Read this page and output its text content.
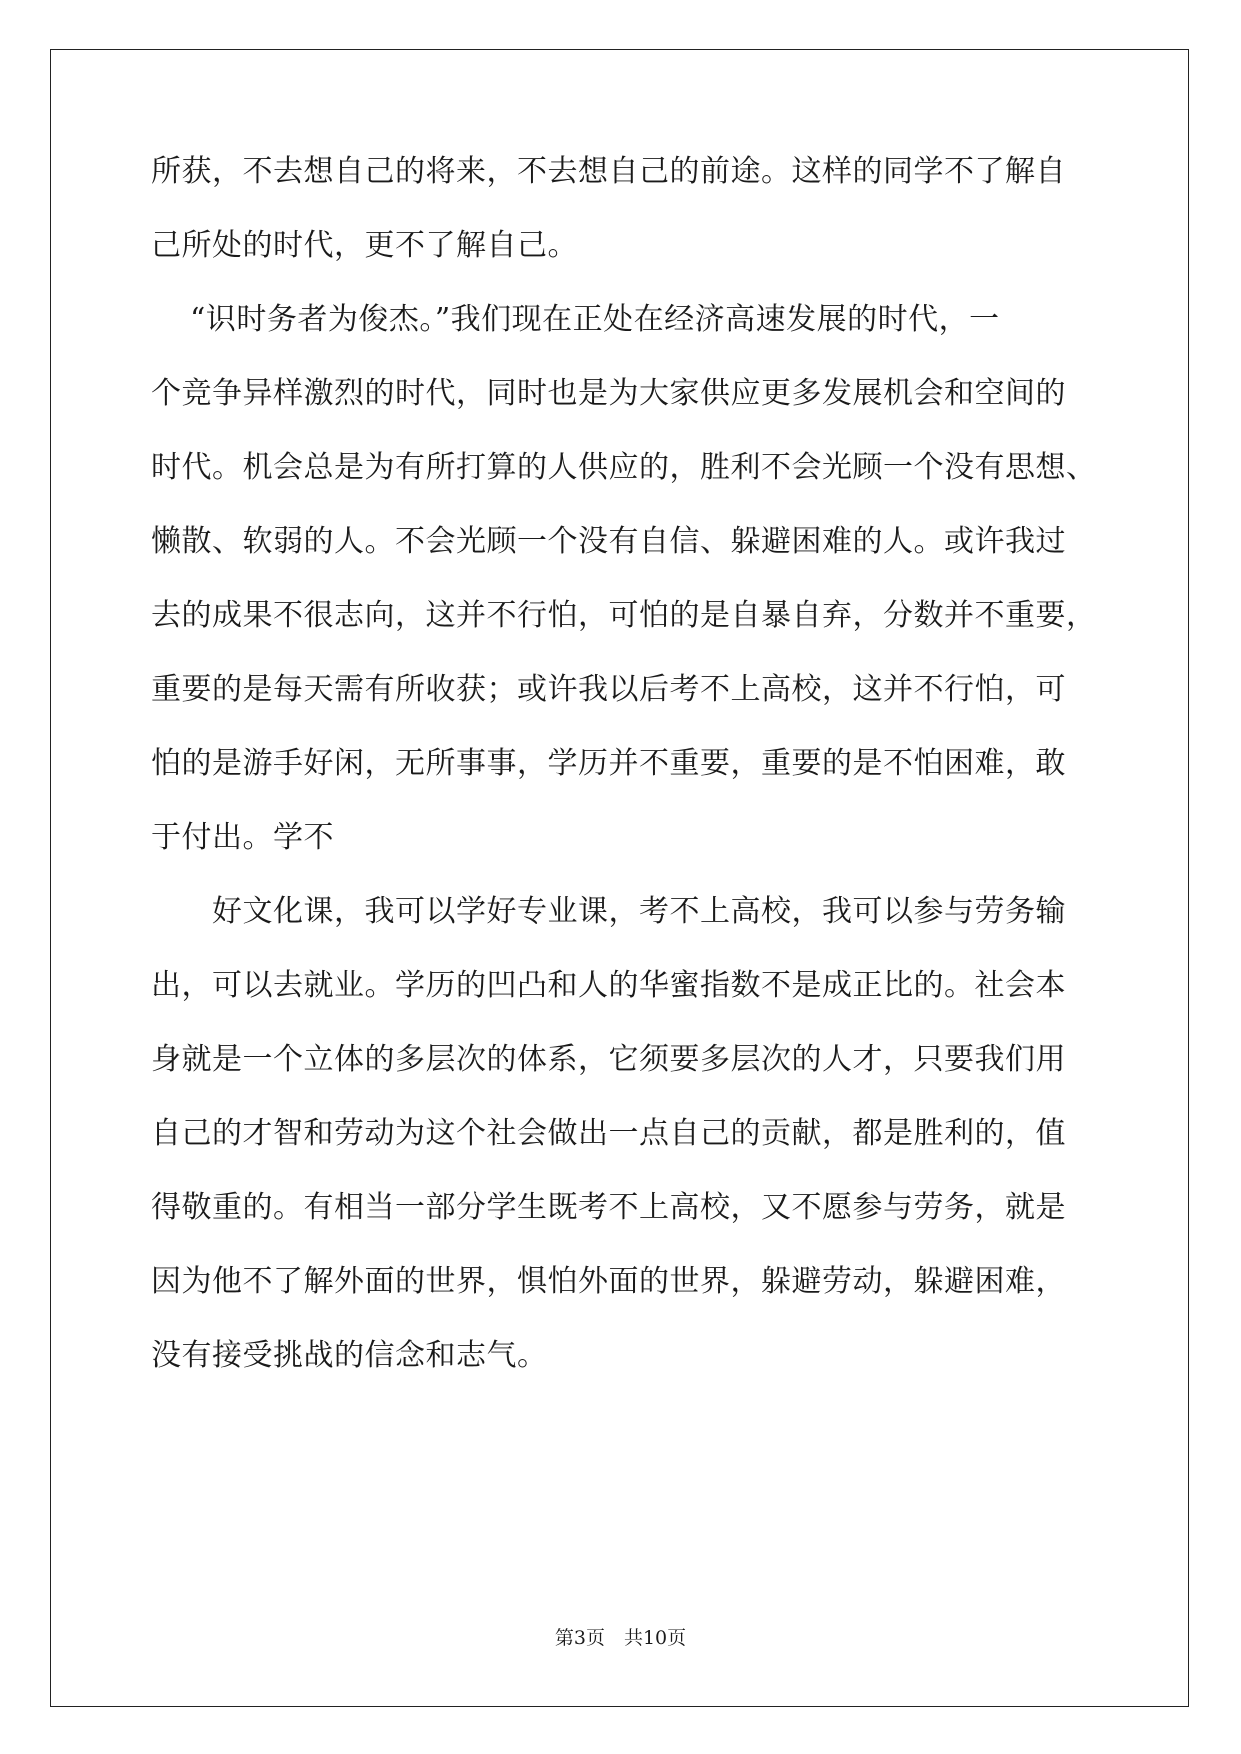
所获，不去想自己的将来，不去想自己的前途。这样的同学不了解自
己所处的时代，更不了解自己。
“识时务者为俊杰。”我们现在正处在经济高速发展的时代，一
个竞争异样激烈的时代，同时也是为大家供应更多发展机会和空间的
时代。机会总是为有所打算的人供应的，胜利不会光顾一个没有思想、
懒散、软弱的人。不会光顾一个没有自信、躲避困难的人。或许我过
去的成果不很志向，这并不行怕，可怕的是自暴自弃，分数并不重要，
重要的是每天需有所收获；或许我以后考不上高校，这并不行怕，可
怕的是游手好闲，无所事事，学历并不重要，重要的是不怕困难，敢
于付出。学不
好文化课，我可以学好专业课，考不上高校，我可以参与劳务输
出，可以去就业。学历的凹凸和人的华蜜指数不是成正比的。社会本
身就是一个立体的多层次的体系，它须要多层次的人才，只要我们用
自己的才智和劳动为这个社会做出一点自己的贡献，都是胜利的，值
得敬重的。有相当一部分学生既考不上高校，又不愿参与劳务，就是
因为他不了解外面的世界，惧怕外面的世界，躲避劳动，躲避困难，
没有接受挑战的信念和志气。
第3页　共10页
